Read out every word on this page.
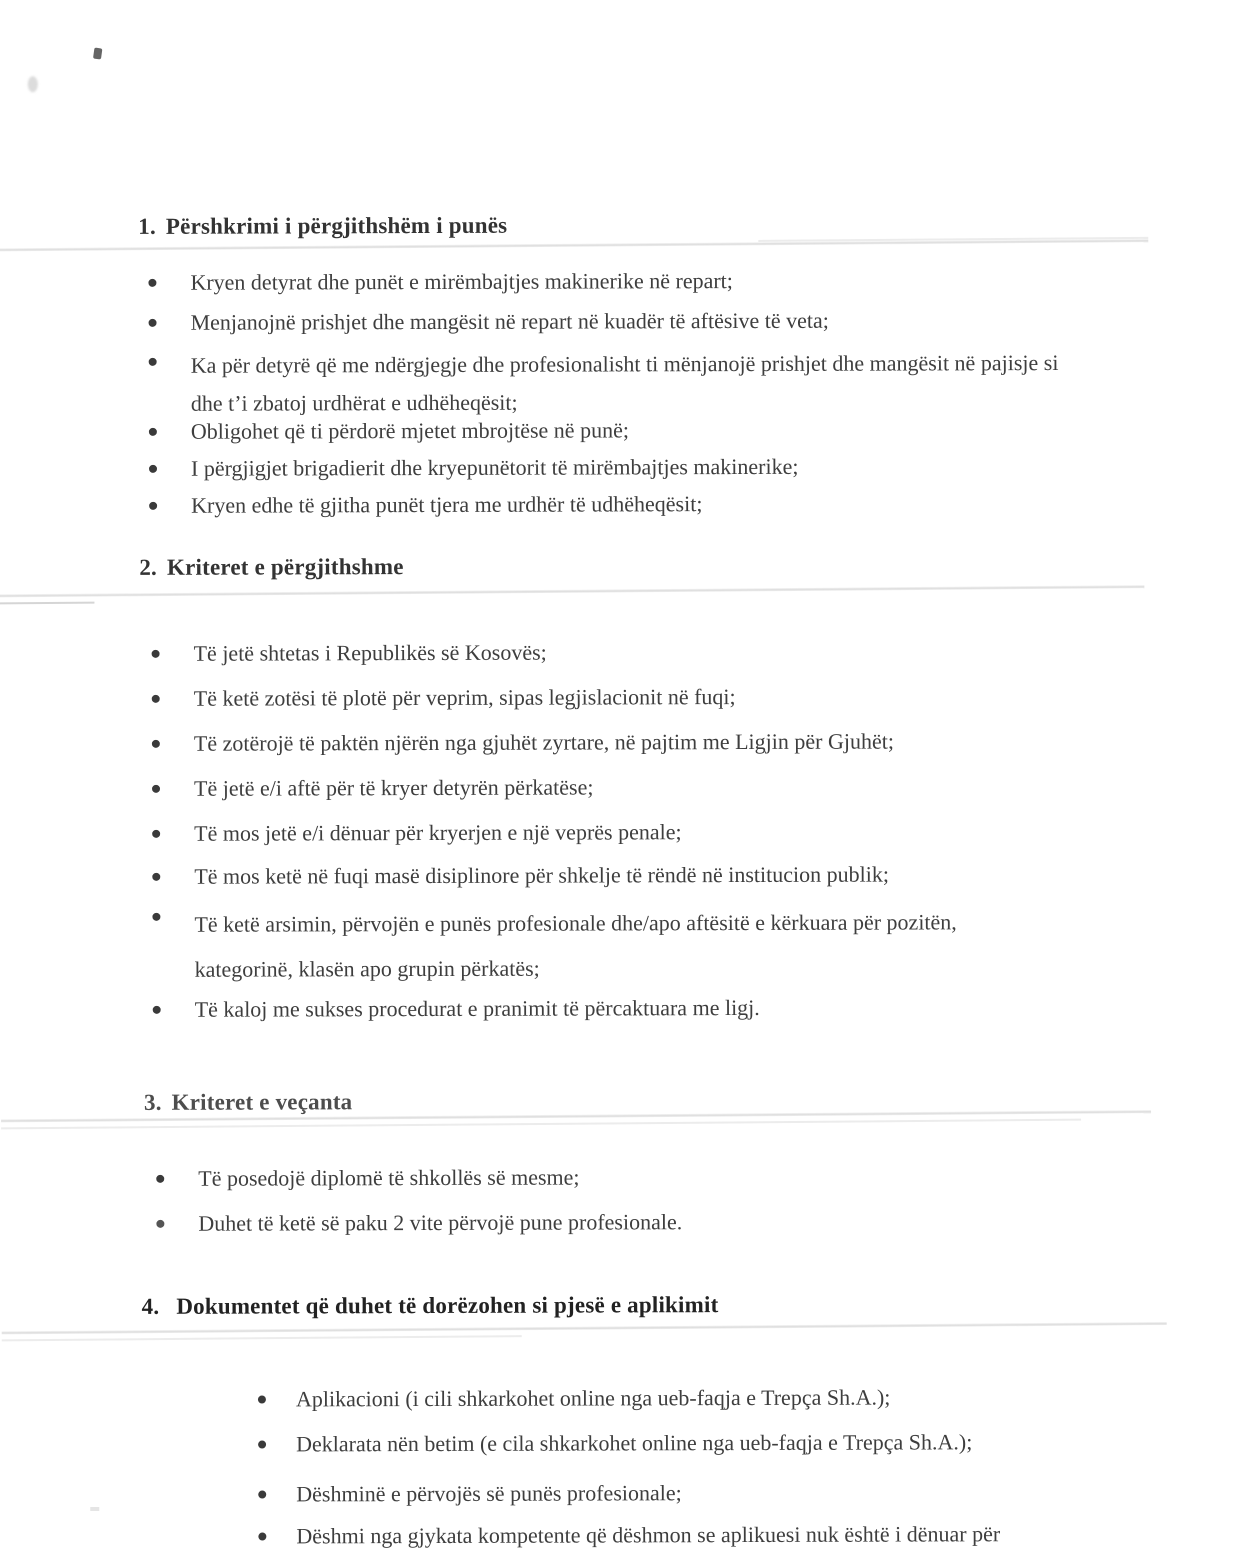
1. Përshkrimi i përgjithshëm i punës
Kryen detyrat dhe punët e mirëmbajtjes makinerike në repart;
Menjanojnë prishjet dhe mangësit në repart në kuadër të aftësive të veta;
Ka për detyrë që me ndërgjegje dhe profesionalisht ti mënjanojë prishjet dhe mangësit në pajisje si dhe t’i zbatoj urdhërat e udhëheqësit;
Obligohet që ti përdorë mjetet mbrojtëse në punë;
I përgjigjet brigadierit dhe kryepunëtorit të mirëmbajtjes makinerike;
Kryen edhe të gjitha punët tjera me urdhër të udhëheqësit;
2. Kriteret e përgjithshme
Të jetë shtetas i Republikës së Kosovës;
Të ketë zotësi të plotë për veprim, sipas legjislacionit në fuqi;
Të zotërojë të paktën njërën nga gjuhët zyrtare, në pajtim me Ligjin për Gjuhët;
Të jetë e/i aftë për të kryer detyrën përkatëse;
Të mos jetë e/i dënuar për kryerjen e një veprës penale;
Të mos ketë në fuqi masë disiplinore për shkelje të rëndë në institucion publik;
Të ketë arsimin, përvojën e punës profesionale dhe/apo aftësitë e kërkuara për pozitën, kategorinë, klasën apo grupin përkatës;
Të kaloj me sukses procedurat e pranimit të përcaktuara me ligj.
3. Kriteret e veçanta
Të posedojë diplomë të shkollës së mesme;
Duhet të ketë së paku 2 vite përvojë pune profesionale.
4. Dokumentet që duhet të dorëzohen si pjesë e aplikimit
Aplikacioni (i cili shkarkohet online nga ueb-faqja e Trepça Sh.A.);
Deklarata nën betim (e cila shkarkohet online nga ueb-faqja e Trepça Sh.A.);
Dëshminë e përvojës së punës profesionale;
Dëshmi nga gjykata kompetente që dëshmon se aplikuesi nuk është i dënuar për
